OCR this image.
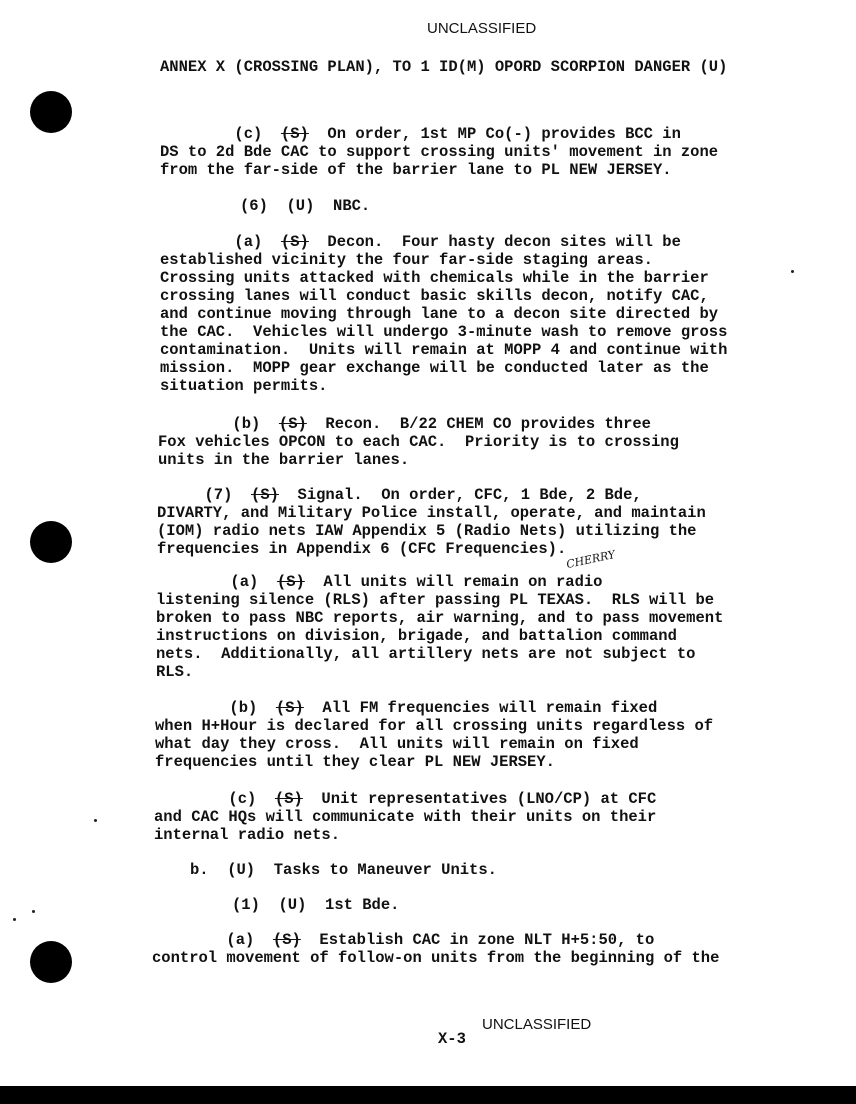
UNCLASSIFIED
ANNEX X (CROSSING PLAN), TO 1 ID(M) OPORD SCORPION DANGER (U)
(c)  (S)  On order, 1st MP Co(-) provides BCC in
DS to 2d Bde CAC to support crossing units' movement in zone
from the far-side of the barrier lane to PL NEW JERSEY.
(6)  (U)  NBC.
(a)  (S)  Decon.  Four hasty decon sites will be
established vicinity the four far-side staging areas.
Crossing units attacked with chemicals while in the barrier
crossing lanes will conduct basic skills decon, notify CAC,
and continue moving through lane to a decon site directed by
the CAC.  Vehicles will undergo 3-minute wash to remove gross
contamination.  Units will remain at MOPP 4 and continue with
mission.  MOPP gear exchange will be conducted later as the
situation permits.
(b)  (S)  Recon.  B/22 CHEM CO provides three
Fox vehicles OPCON to each CAC.  Priority is to crossing
units in the barrier lanes.
(7)  (S)  Signal.  On order, CFC, 1 Bde, 2 Bde,
DIVARTY, and Military Police install, operate, and maintain
(IOM) radio nets IAW Appendix 5 (Radio Nets) utilizing the
frequencies in Appendix 6 (CFC Frequencies).
(a)  (S)  All units will remain on radio
listening silence (RLS) after passing PL TEXAS.  RLS will be
broken to pass NBC reports, air warning, and to pass movement
instructions on division, brigade, and battalion command
nets.  Additionally, all artillery nets are not subject to
RLS.
(b)  (S)  All FM frequencies will remain fixed
when H+Hour is declared for all crossing units regardless of
what day they cross.  All units will remain on fixed
frequencies until they clear PL NEW JERSEY.
(c)  (S)  Unit representatives (LNO/CP) at CFC
and CAC HQs will communicate with their units on their
internal radio nets.
b.  (U)  Tasks to Maneuver Units.
(1)  (U)  1st Bde.
(a)  (S)  Establish CAC in zone NLT H+5:50, to
control movement of follow-on units from the beginning of the
CHERRY
X-3
UNCLASSIFIED
